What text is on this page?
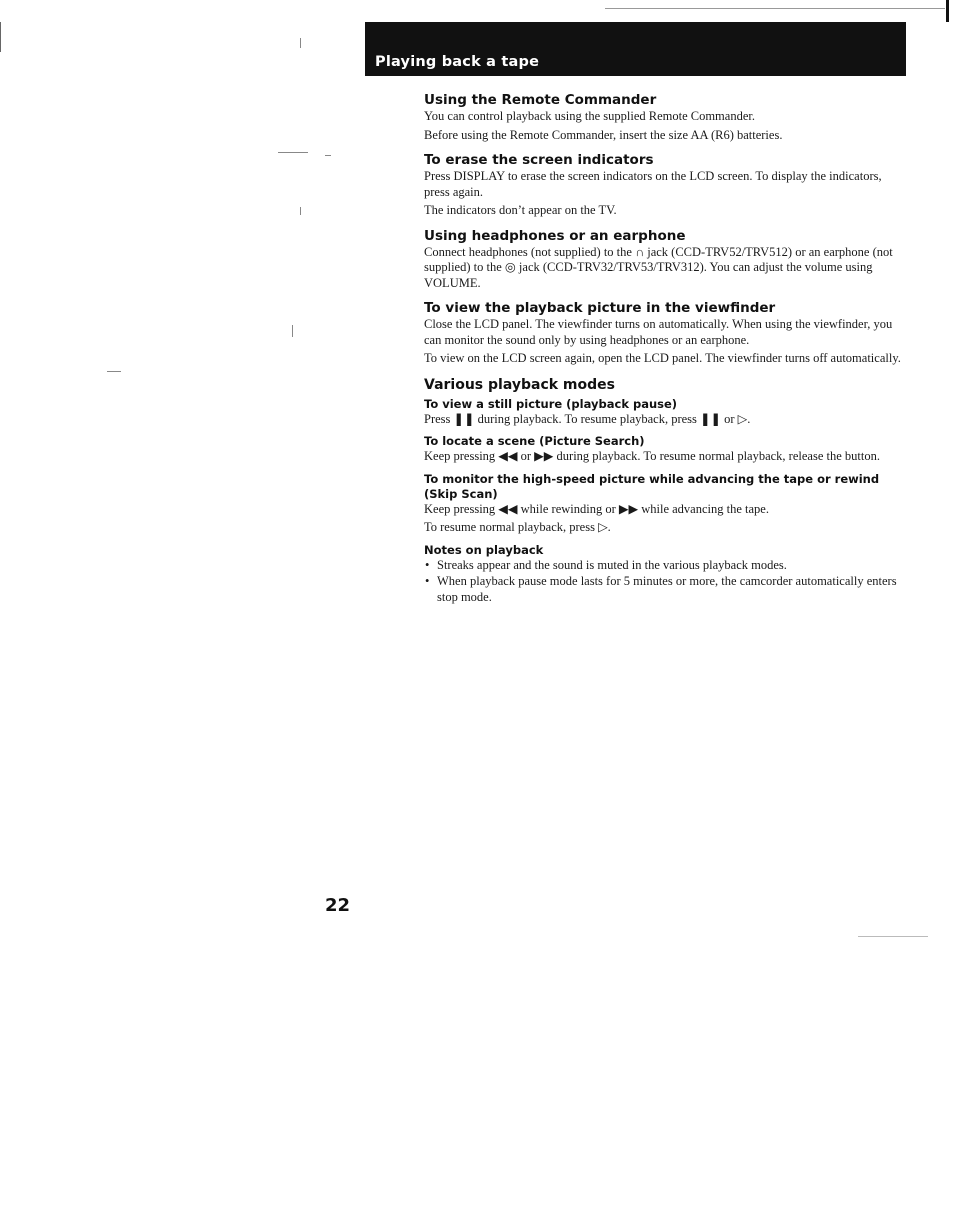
Playing back a tape
Using the Remote Commander

You can control playback using the supplied Remote Commander.

Before using the Remote Commander, insert the size AA (R6) batteries.

To erase the screen indicators

Press DISPLAY to erase the screen indicators on the LCD screen. To display the indicators, press again.

The indicators don’t appear on the TV.

Using headphones or an earphone

Connect headphones (not supplied) to the ∩ jack (CCD-TRV52/TRV512) or an earphone (not supplied) to the ◎ jack (CCD-TRV32/TRV53/TRV312). You can adjust the volume using VOLUME.

To view the playback picture in the viewfinder

Close the LCD panel. The viewfinder turns on automatically. When using the viewfinder, you can monitor the sound only by using headphones or an earphone.

To view on the LCD screen again, open the LCD panel. The viewfinder turns off automatically.

Various playback modes
To view a still picture (playback pause)

Press ❚❚ during playback. To resume playback, press ❚❚ or ▷.

To locate a scene (Picture Search)

Keep pressing ◀◀ or ▶▶ during playback. To resume normal playback, release the button.

To monitor the high-speed picture while advancing the tape or rewind (Skip Scan)

Keep pressing ◀◀ while rewinding or ▶▶ while advancing the tape.

To resume normal playback, press ▷.

Notes on playback
• Streaks appear and the sound is muted in the various playback modes.
• When playback pause mode lasts for 5 minutes or more, the camcorder automatically enters stop mode.
22
